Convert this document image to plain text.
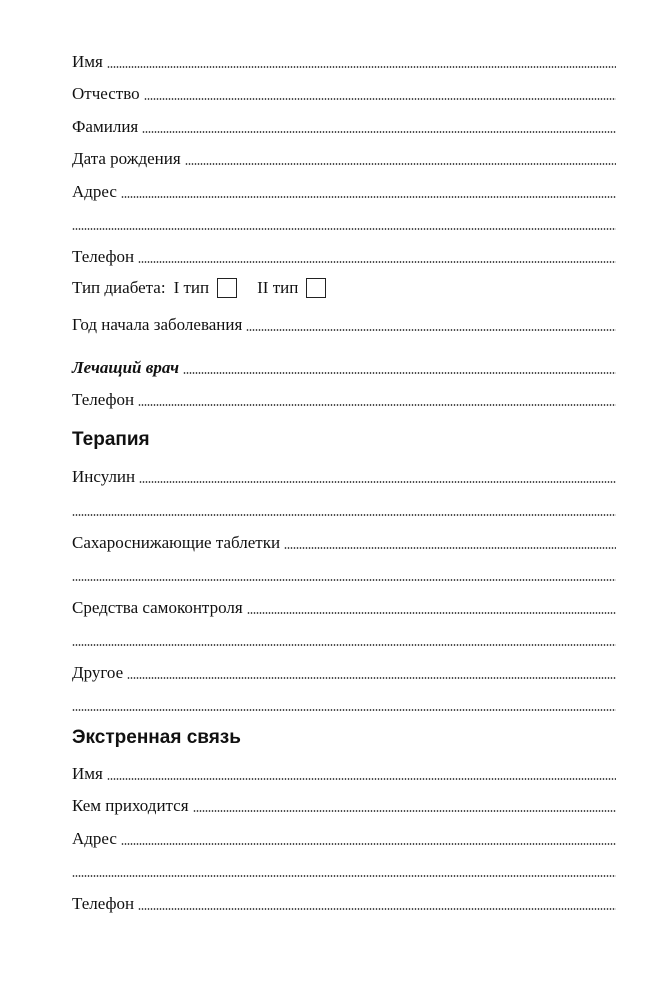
Имя
Отчество
Фамилия
Дата рождения
Адрес
Телефон
Тип диабета: I тип	II тип
Год начала заболевания
Лечащий врач
Телефон
Терапия
Инсулин
Сахароснижающие таблетки
Средства самоконтроля
Другое
Экстренная связь
Имя
Кем приходится
Адрес
Телефон
